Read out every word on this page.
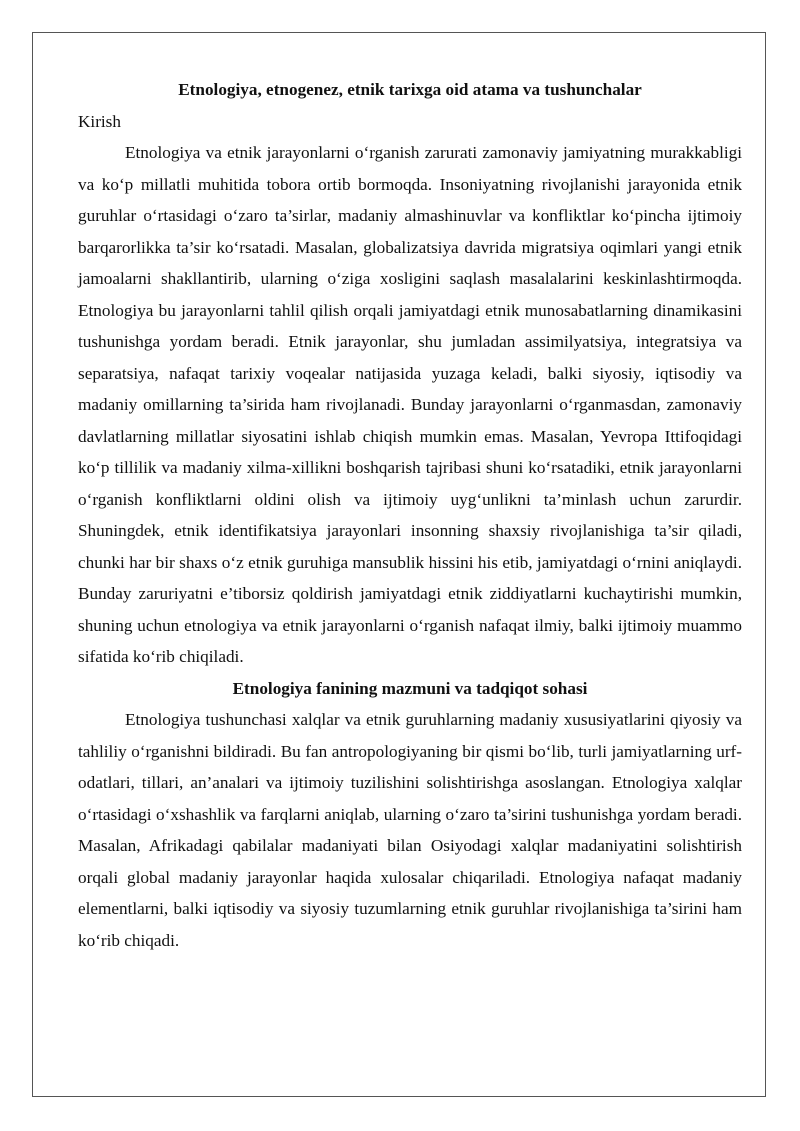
Etnologiya, etnogenez, etnik tarixga oid atama va tushunchalar

Kirish

Etnologiya va etnik jarayonlarni o‘rganish zarurati zamonaviy jamiyatning murakkabligi va ko‘p millatli muhitida tobora ortib bormoqda. Insoniyatning rivojlanishi jarayonida etnik guruhlar o‘rtasidagi o‘zaro ta’sirlar, madaniy almashinuvlar va konfliktlar ko‘pincha ijtimoiy barqarorlikka ta’sir ko‘rsatadi. Masalan, globalizatsiya davrida migratsiya oqimlari yangi etnik jamoalarni shakllantirib, ularning o‘ziga xosligini saqlash masalalarini keskinlashtirmoqda. Etnologiya bu jarayonlarni tahlil qilish orqali jamiyatdagi etnik munosabatlarning dinamikasini tushunishga yordam beradi. Etnik jarayonlar, shu jumladan assimilyatsiya, integratsiya va separatsiya, nafaqat tarixiy voqealar natijasida yuzaga keladi, balki siyosiy, iqtisodiy va madaniy omillarning ta’sirida ham rivojlanadi. Bunday jarayonlarni o‘rganmasdan, zamonaviy davlatlarning millatlar siyosatini ishlab chiqish mumkin emas. Masalan, Yevropa Ittifoqidagi ko‘p tillilik va madaniy xilma-xillikni boshqarish tajribasi shuni ko‘rsatadiki, etnik jarayonlarni o‘rganish konfliktlarni oldini olish va ijtimoiy uyg‘unlikni ta’minlash uchun zarurdir. Shuningdek, etnik identifikatsiya jarayonlari insonning shaxsiy rivojlanishiga ta’sir qiladi, chunki har bir shaxs o‘z etnik guruhiga mansublik hissini his etib, jamiyatdagi o‘rnini aniqlaydi. Bunday zaruriyatni e’tiborsiz qoldirish jamiyatdagi etnik ziddiyatlarni kuchaytirishi mumkin, shuning uchun etnologiya va etnik jarayonlarni o‘rganish nafaqat ilmiy, balki ijtimoiy muammo sifatida ko‘rib chiqiladi.

Etnologiya fanining mazmuni va tadqiqot sohasi

Etnologiya tushunchasi xalqlar va etnik guruhlarning madaniy xususiyatlarini qiyosiy va tahliliy o‘rganishni bildiradi. Bu fan antropologiyaning bir qismi bo‘lib, turli jamiyatlarning urf-odatlari, tillari, an’analari va ijtimoiy tuzilishini solishtirishga asoslangan. Etnologiya xalqlar o‘rtasidagi o‘xshashlik va farqlarni aniqlab, ularning o‘zaro ta’sirini tushunishga yordam beradi. Masalan, Afrikadagi qabilalar madaniyati bilan Osiyodagi xalqlar madaniyatini solishtirish orqali global madaniy jarayonlar haqida xulosalar chiqariladi. Etnologiya nafaqat madaniy elementlarni, balki iqtisodiy va siyosiy tuzumlarning etnik guruhlar rivojlanishiga ta’sirini ham ko‘rib chiqadi.
